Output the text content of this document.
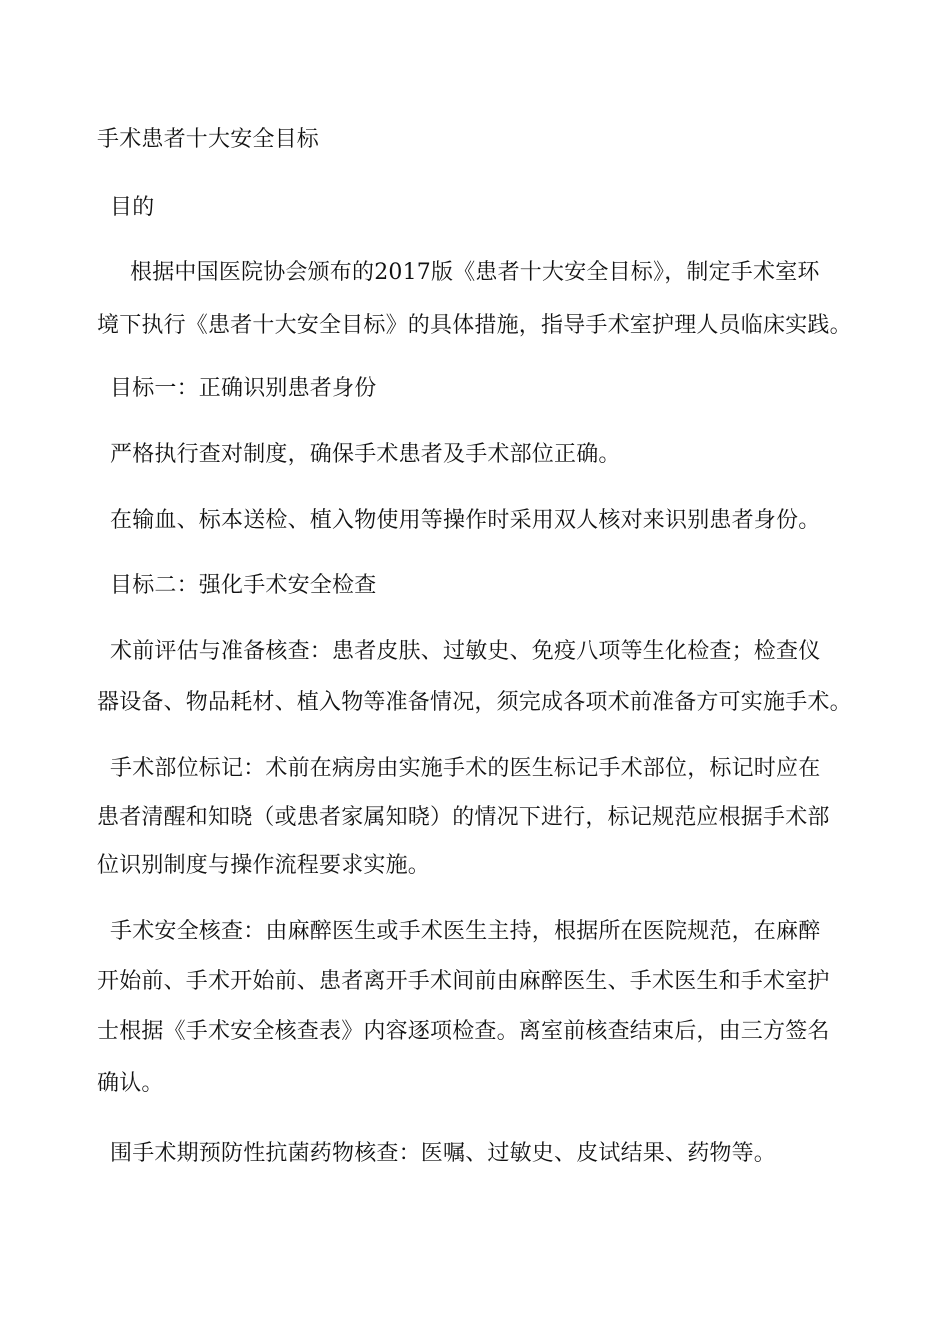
手术患者十大安全目标
目的
根据中国医院协会颁布的2017版《患者十大安全目标》，制定手术室环
境下执行《患者十大安全目标》的具体措施，指导手术室护理人员临床实践。
目标一：正确识别患者身份
严格执行查对制度，确保手术患者及手术部位正确。
在输血、标本送检、植入物使用等操作时采用双人核对来识别患者身份。
目标二：强化手术安全检查
术前评估与准备核查：患者皮肤、过敏史、免疫八项等生化检查；检查仪
器设备、物品耗材、植入物等准备情况，须完成各项术前准备方可实施手术。
手术部位标记：术前在病房由实施手术的医生标记手术部位，标记时应在
患者清醒和知晓（或患者家属知晓）的情况下进行，标记规范应根据手术部
位识别制度与操作流程要求实施。
手术安全核查：由麻醉医生或手术医生主持，根据所在医院规范，在麻醉
开始前、手术开始前、患者离开手术间前由麻醉医生、手术医生和手术室护
士根据《手术安全核查表》内容逐项检查。离室前核查结束后，由三方签名
确认。
围手术期预防性抗菌药物核查：医嘱、过敏史、皮试结果、药物等。
